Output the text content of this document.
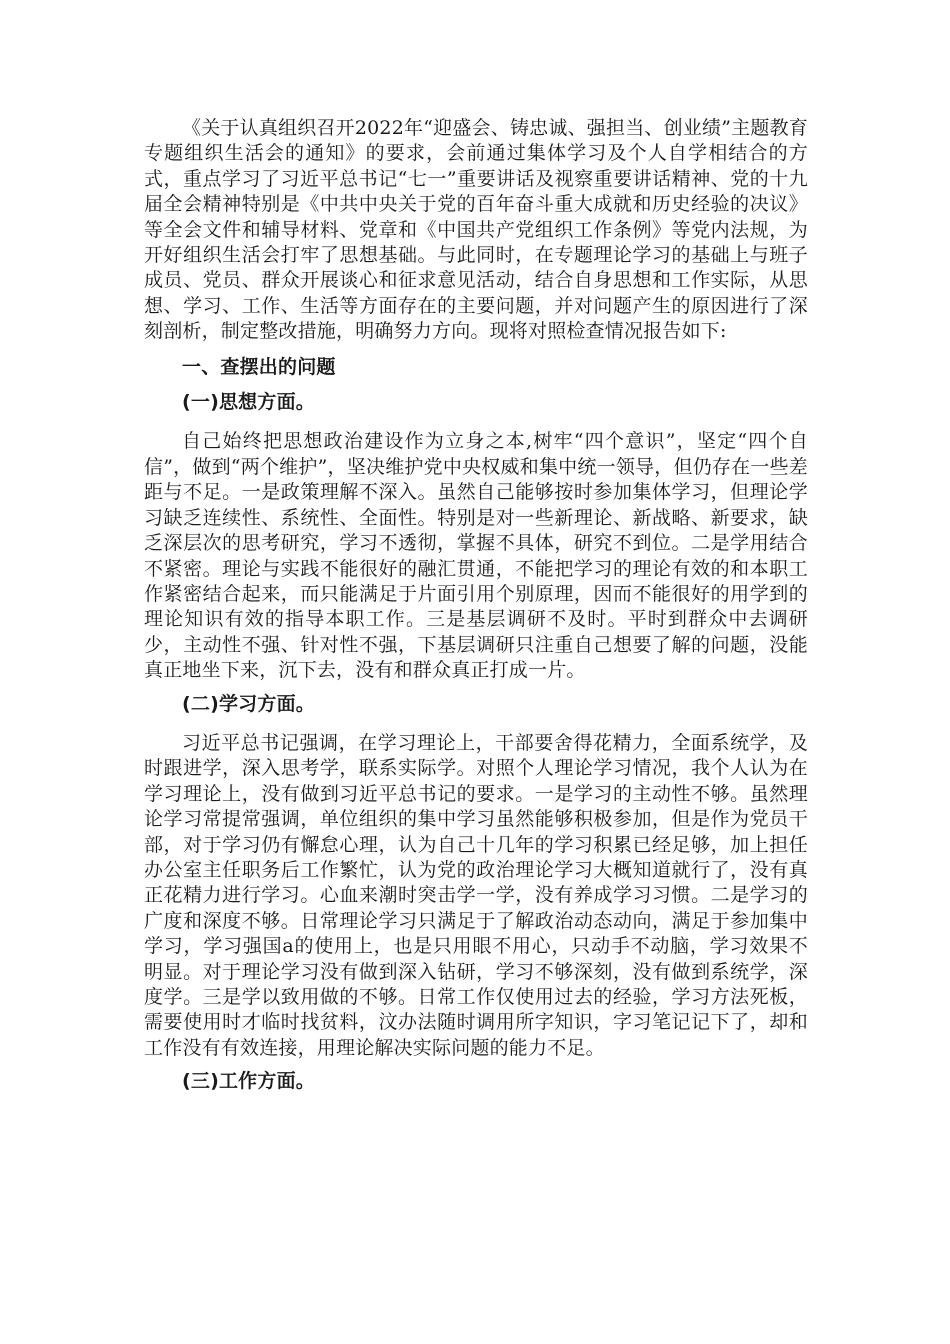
《关于认真组织召开2022年“迎盛会、铸忠诚、强担当、创业绩”主题教育专题组织生活会的通知》的要求，会前通过集体学习及个人自学相结合的方式，重点学习了习近平总书记“七一”重要讲话及视察重要讲话精神、党的十九届全会精神特别是《中共中央关于党的百年奋斗重大成就和历史经验的决议》等全会文件和辅导材料、党章和《中国共产党组织工作条例》等党内法规，为开好组织生活会打牢了思想基础。与此同时，在专题理论学习的基础上与班子成员、党员、群众开展谈心和征求意见活动，结合自身思想和工作实际，从思想、学习、工作、生活等方面存在的主要问题，并对问题产生的原因进行了深刻剖析，制定整改措施，明确努力方向。现将对照检查情况报告如下:

一、查摆出的问题

(一)思想方面。

自己始终把思想政治建设作为立身之本,树牢“四个意识”，坚定“四个自信”，做到“两个维护”，坚决维护党中央权威和集中统一领导，但仍存在一些差距与不足。一是政策理解不深入。虽然自己能够按时参加集体学习，但理论学习缺乏连续性、系统性、全面性。特别是对一些新理论、新战略、新要求，缺乏深层次的思考研究，学习不透彻，掌握不具体，研究不到位。二是学用结合不紧密。理论与实践不能很好的融汇贯通，不能把学习的理论有效的和本职工作紧密结合起来，而只能满足于片面引用个别原理，因而不能很好的用学到的理论知识有效的指导本职工作。三是基层调研不及时。平时到群众中去调研少，主动性不强、针对性不强，下基层调研只注重自己想要了解的问题，没能真正地坐下来，沉下去，没有和群众真正打成一片。

(二)学习方面。

习近平总书记强调，在学习理论上，干部要舍得花精力，全面系统学，及时跟进学，深入思考学，联系实际学。对照个人理论学习情况，我个人认为在学习理论上，没有做到习近平总书记的要求。一是学习的主动性不够。虽然理论学习常提常强调，单位组织的集中学习虽然能够积极参加，但是作为党员干部，对于学习仍有懈怠心理，认为自己十几年的学习积累已经足够，加上担任办公室主任职务后工作繁忙，认为党的政治理论学习大概知道就行了，没有真正花精力进行学习。心血来潮时突击学一学，没有养成学习习惯。二是学习的广度和深度不够。日常理论学习只满足于了解政治动态动向，满足于参加集中学习，学习强国a的使用上，也是只用眼不用心，只动手不动脑，学习效果不明显。对于理论学习没有做到深入钻研，学习不够深刻，没有做到系统学，深度学。三是学以致用做的不够。日常工作仅使用过去的经验，学习方法死板，需要使用时才临时找贫料，汶办法随时调用所字知识，字习笔记记下了，却和工作没有有效连接，用理论解决实际问题的能力不足。

(三)工作方面。
